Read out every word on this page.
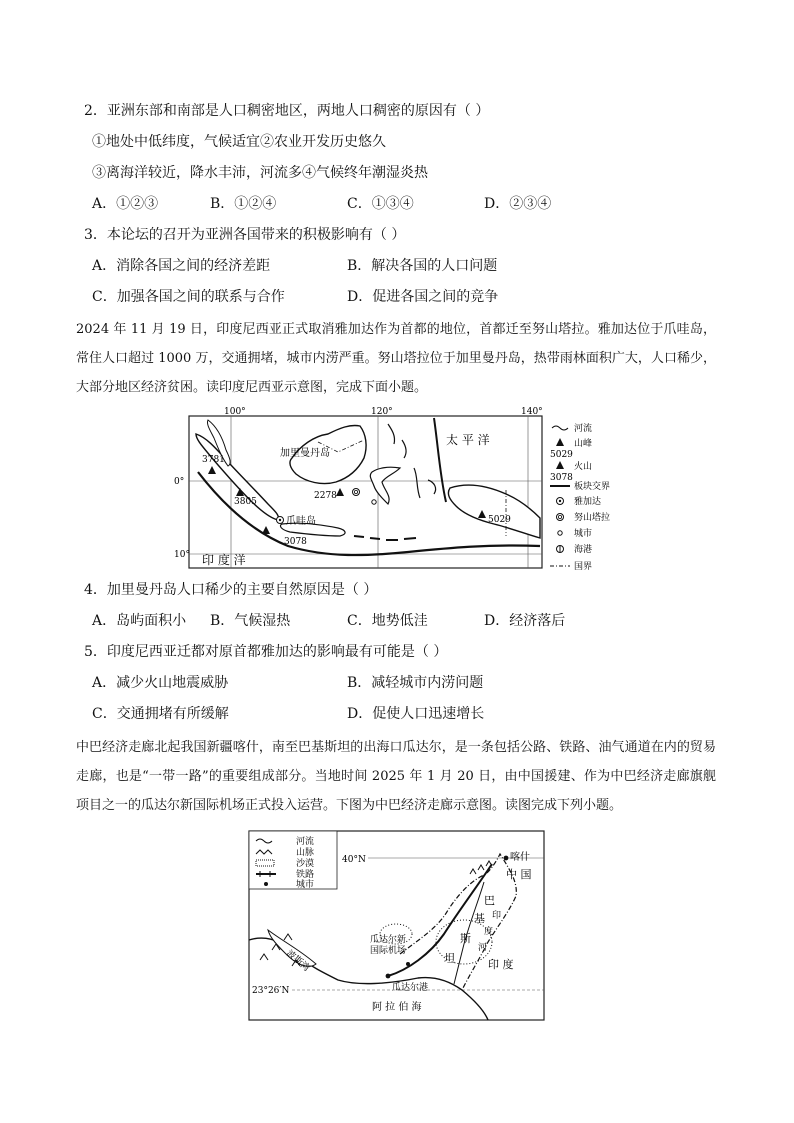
2．亚洲东部和南部是人口稠密地区，两地人口稠密的原因有（ ）
①地处中低纬度，气候适宜②农业开发历史悠久
③离海洋较近，降水丰沛，河流多④气候终年潮湿炎热
A．①②③	B．①②④	C．①③④	D．②③④
3．本论坛的召开为亚洲各国带来的积极影响有（ ）
A．消除各国之间的经济差距	B．解决各国的人口问题
C．加强各国之间的联系与合作	D．促进各国之间的竞争
2024 年 11 月 19 日，印度尼西亚正式取消雅加达作为首都的地位，首都迁至努山塔拉。雅加达位于爪哇岛，常住人口超过 1000 万，交通拥堵，城市内涝严重。努山塔拉位于加里曼丹岛，热带雨林面积广大，人口稀少，大部分地区经济贫困。读印度尼西亚示意图，完成下面小题。
100°	120°	140°
0°
10°
加里曼丹岛
爪哇岛
太 平 洋
印 度 洋
3781
3805
2278
3078
5029
河流
山峰
5029
火山
3078
板块交界
雅加达
努山塔拉
城市
海港
国界
4．加里曼丹岛人口稀少的主要自然原因是（ ）
A．岛屿面积小 B．气候湿热	C．地势低洼	D．经济落后
5．印度尼西亚迁都对原首都雅加达的影响最有可能是（ ）
A．减少火山地震威胁	B．减轻城市内涝问题
C．交通拥堵有所缓解	D．促使人口迅速增长
中巴经济走廊北起我国新疆喀什，南至巴基斯坦的出海口瓜达尔，是一条包括公路、铁路、油气通道在内的贸易走廊，也是“一带一路”的重要组成部分。当地时间 2025 年 1 月 20 日，由中国援建、作为中巴经济走廊旗舰项目之一的瓜达尔新国际机场正式投入运营。下图为中巴经济走廊示意图。读图完成下列小题。
河流
山脉
沙漠
铁路
城市
40°N
23°26′N
喀什
中 国
瓜达尔新
国际机场
瓜达尔港
阿 拉 伯 海
波斯湾	印 度
巴
基
斯
坦
印
度
河
